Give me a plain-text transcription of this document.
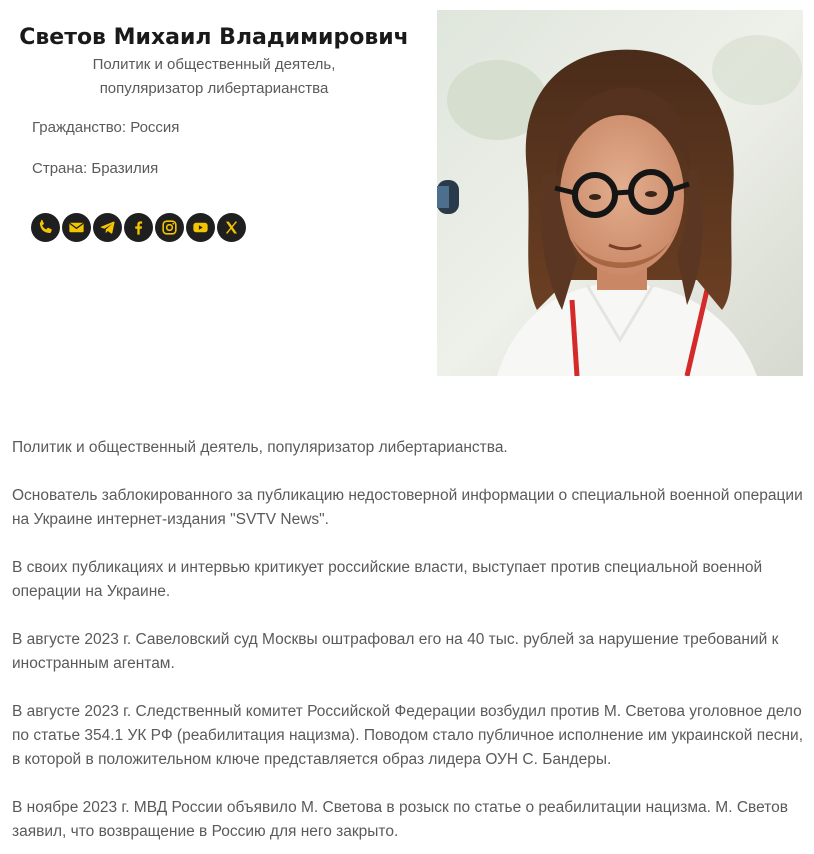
Светов Михаил Владимирович
Политик и общественный деятель,
популяризатор либертарианства
Гражданство: Россия
Страна: Бразилия

Политик и общественный деятель, популяризатор либертарианства.

Основатель заблокированного за публикацию недостоверной информации о специальной военной операции на Украине интернет-издания "SVTV News".

В своих публикациях и интервью критикует российские власти, выступает против специальной военной операции на Украине.

В августе 2023 г. Савеловский суд Москвы оштрафовал его на 40 тыс. рублей за нарушение требований к иностранным агентам.

В августе 2023 г. Следственный комитет Российской Федерации возбудил против М. Светова уголовное дело по статье 354.1 УК РФ (реабилитация нацизма). Поводом стало публичное исполнение им украинской песни, в которой в положительном ключе представляется образ лидера ОУН С. Бандеры.

В ноябре 2023 г. МВД России объявило М. Светова в розыск по статье о реабилитации нацизма. М. Светов заявил, что возвращение в Россию для него закрыто.
